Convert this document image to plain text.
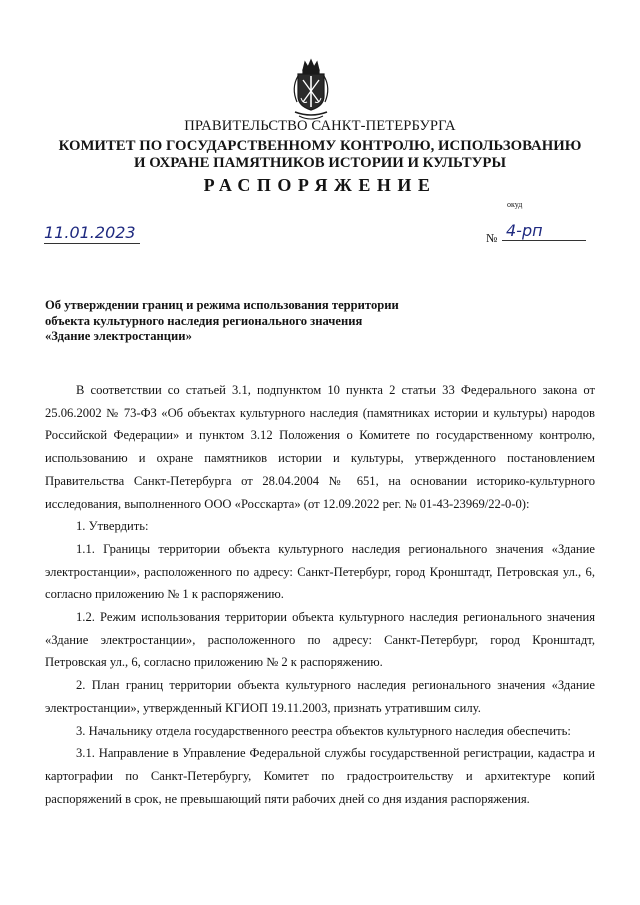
ПРАВИТЕЛЬСТВО САНКТ-ПЕТЕРБУРГА
КОМИТЕТ ПО ГОСУДАРСТВЕННОМУ КОНТРОЛЮ, ИСПОЛЬЗОВАНИЮ
И ОХРАНЕ ПАМЯТНИКОВ ИСТОРИИ И КУЛЬТУРЫ
РАСПОРЯЖЕНИЕ
окуд
11.01.2023	№ 4-рп
Об утверждении границ и режима использования территории
объекта культурного наследия регионального значения
«Здание электростанции»

В соответствии со статьей 3.1, подпунктом 10 пункта 2 статьи 33 Федерального закона от 25.06.2002 № 73-ФЗ «Об объектах культурного наследия (памятниках истории и культуры) народов Российской Федерации» и пунктом 3.12 Положения о Комитете по государственному контролю, использованию и охране памятников истории и культуры, утвержденного постановлением Правительства Санкт-Петербурга от 28.04.2004 № 651, на основании историко-культурного исследования, выполненного ООО «Росскарта» (от 12.09.2022 рег. № 01-43-23969/22-0-0):

1. Утвердить:

1.1. Границы территории объекта культурного наследия регионального значения «Здание электростанции», расположенного по адресу: Санкт-Петербург, город Кронштадт, Петровская ул., 6, согласно приложению № 1 к распоряжению.

1.2. Режим использования территории объекта культурного наследия регионального значения «Здание электростанции», расположенного по адресу: Санкт-Петербург, город Кронштадт, Петровская ул., 6, согласно приложению № 2 к распоряжению.

2. План границ территории объекта культурного наследия регионального значения «Здание электростанции», утвержденный КГИОП 19.11.2003, признать утратившим силу.

3. Начальнику отдела государственного реестра объектов культурного наследия обеспечить:

3.1. Направление в Управление Федеральной службы государственной регистрации, кадастра и картографии по Санкт-Петербургу, Комитет по градостроительству и архитектуре копий распоряжений в срок, не превышающий пяти рабочих дней со дня издания распоряжения.
